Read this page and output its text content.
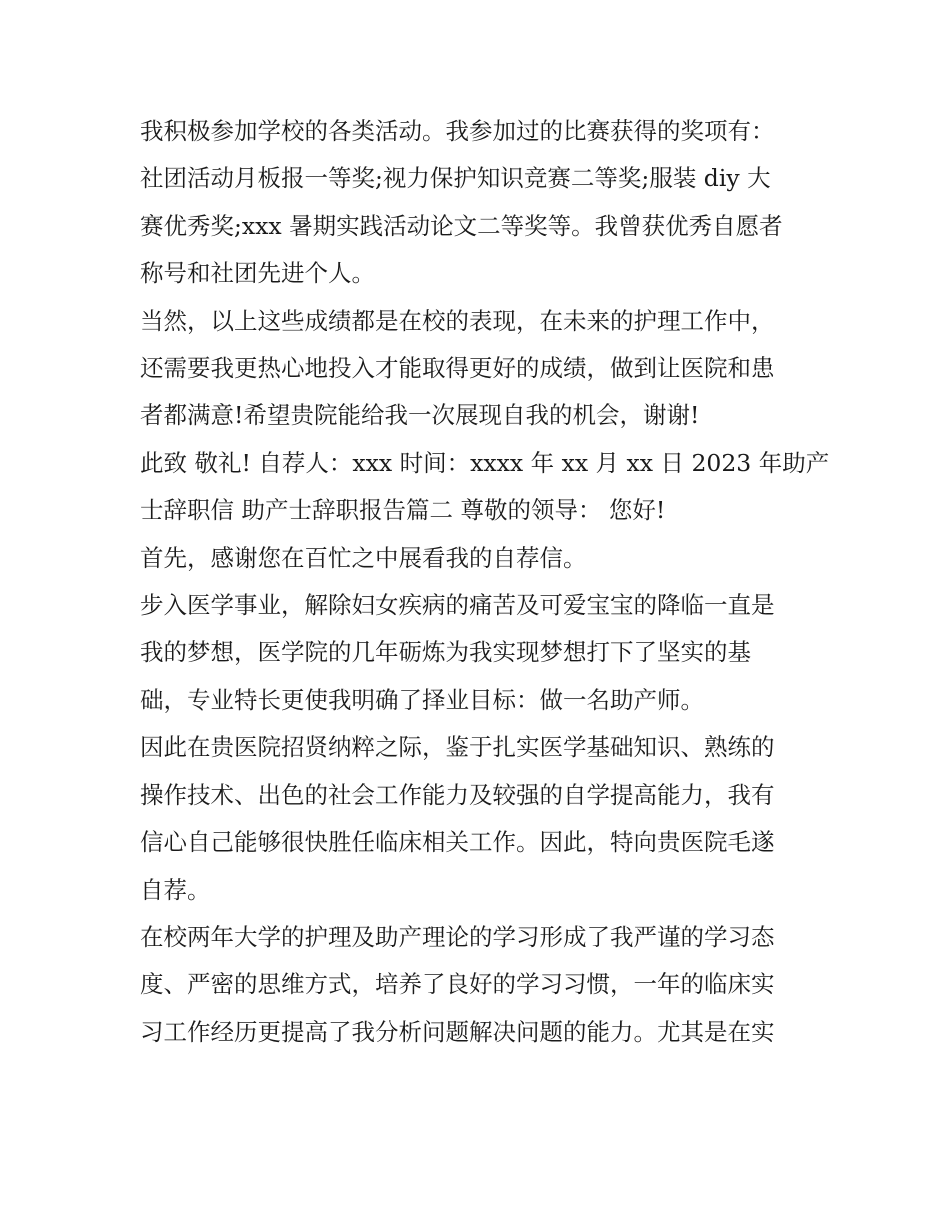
我积极参加学校的各类活动。我参加过的比赛获得的奖项有：
社团活动月板报一等奖;视力保护知识竞赛二等奖;服装 diy 大
赛优秀奖;xxx 暑期实践活动论文二等奖等。我曾获优秀自愿者
称号和社团先进个人。

当然，以上这些成绩都是在校的表现，在未来的护理工作中，
还需要我更热心地投入才能取得更好的成绩，做到让医院和患
者都满意!希望贵院能给我一次展现自我的机会，谢谢!

此致 敬礼! 自荐人：xxx 时间：xxxx 年 xx 月 xx 日 2023 年助产
士辞职信 助产士辞职报告篇二 尊敬的领导： 您好!

首先，感谢您在百忙之中展看我的自荐信。

步入医学事业，解除妇女疾病的痛苦及可爱宝宝的降临一直是
我的梦想，医学院的几年砺炼为我实现梦想打下了坚实的基
础，专业特长更使我明确了择业目标：做一名助产师。

因此在贵医院招贤纳粹之际，鉴于扎实医学基础知识、熟练的
操作技术、出色的社会工作能力及较强的自学提高能力，我有
信心自己能够很快胜任临床相关工作。因此，特向贵医院毛遂
自荐。

在校两年大学的护理及助产理论的学习形成了我严谨的学习态
度、严密的思维方式，培养了良好的学习习惯，一年的临床实
习工作经历更提高了我分析问题解决问题的能力。尤其是在实
